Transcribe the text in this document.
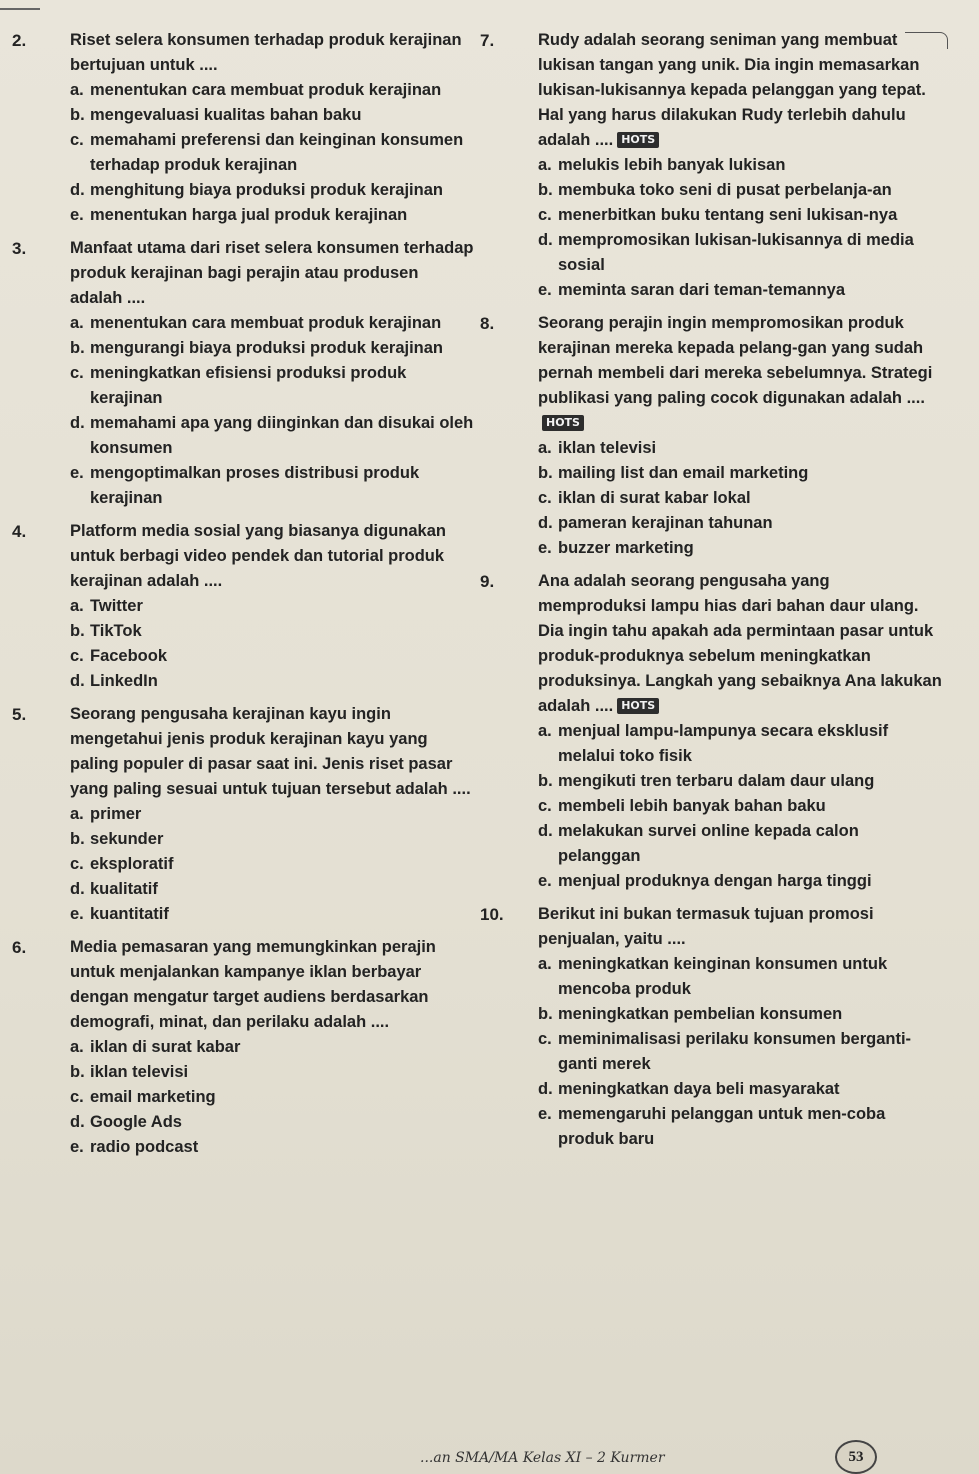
2.	Riset selera konsumen terhadap produk kerajinan bertujuan untuk ....
a. menentukan cara membuat produk kerajinan
b. mengevaluasi kualitas bahan baku
c. memahami preferensi dan keinginan konsumen terhadap produk kerajinan
d. menghitung biaya produksi produk kerajinan
e. menentukan harga jual produk kerajinan
3.	Manfaat utama dari riset selera konsumen terhadap produk kerajinan bagi perajin atau produsen adalah ....
a. menentukan cara membuat produk kerajinan
b. mengurangi biaya produksi produk kerajinan
c. meningkatkan efisiensi produksi produk kerajinan
d. memahami apa yang diinginkan dan disukai oleh konsumen
e. mengoptimalkan proses distribusi produk kerajinan
4.	Platform media sosial yang biasanya digunakan untuk berbagi video pendek dan tutorial produk kerajinan adalah ....
a. Twitter
b. TikTok
c. Facebook
d. LinkedIn
5.	Seorang pengusaha kerajinan kayu ingin mengetahui jenis produk kerajinan kayu yang paling populer di pasar saat ini. Jenis riset pasar yang paling sesuai untuk tujuan tersebut adalah ....
a. primer
b. sekunder
c. eksploratif
d. kualitatif
e. kuantitatif
6.	Media pemasaran yang memungkinkan perajin untuk menjalankan kampanye iklan berbayar dengan mengatur target audiens berdasarkan demografi, minat, dan perilaku adalah ....
a. iklan di surat kabar
b. iklan televisi
c. email marketing
d. Google Ads
e. radio podcast
7.	Rudy adalah seorang seniman yang membuat lukisan tangan yang unik. Dia ingin memasarkan lukisan-lukisannya kepada pelanggan yang tepat. Hal yang harus dilakukan Rudy terlebih dahulu adalah .... HOTS
a. melukis lebih banyak lukisan
b. membuka toko seni di pusat perbelanja-an
c. menerbitkan buku tentang seni lukisan-nya
d. mempromosikan lukisan-lukisannya di media sosial
e. meminta saran dari teman-temannya
8.	Seorang perajin ingin mempromosikan produk kerajinan mereka kepada pelang-gan yang sudah pernah membeli dari mereka sebelumnya. Strategi publikasi yang paling cocok digunakan adalah ....HOTS
a. iklan televisi
b. mailing list dan email marketing
c. iklan di surat kabar lokal
d. pameran kerajinan tahunan
e. buzzer marketing
9.	Ana adalah seorang pengusaha yang memproduksi lampu hias dari bahan daur ulang. Dia ingin tahu apakah ada permintaan pasar untuk produk-produknya sebelum meningkatkan produksinya. Langkah yang sebaiknya Ana lakukan adalah .... HOTS
a. menjual lampu-lampunya secara eksklusif melalui toko fisik
b. mengikuti tren terbaru dalam daur ulang
c. membeli lebih banyak bahan baku
d. melakukan survei online kepada calon pelanggan
e. menjual produknya dengan harga tinggi
10.	Berikut ini bukan termasuk tujuan promosi penjualan, yaitu ....
a. meningkatkan keinginan konsumen untuk mencoba produk
b. meningkatkan pembelian konsumen
c. meminimalisasi perilaku konsumen berganti-ganti merek
d. meningkatkan daya beli masyarakat
e. memengaruhi pelanggan untuk men-coba produk baru
...an SMA/MA Kelas XI – 2 Kurmer	53
